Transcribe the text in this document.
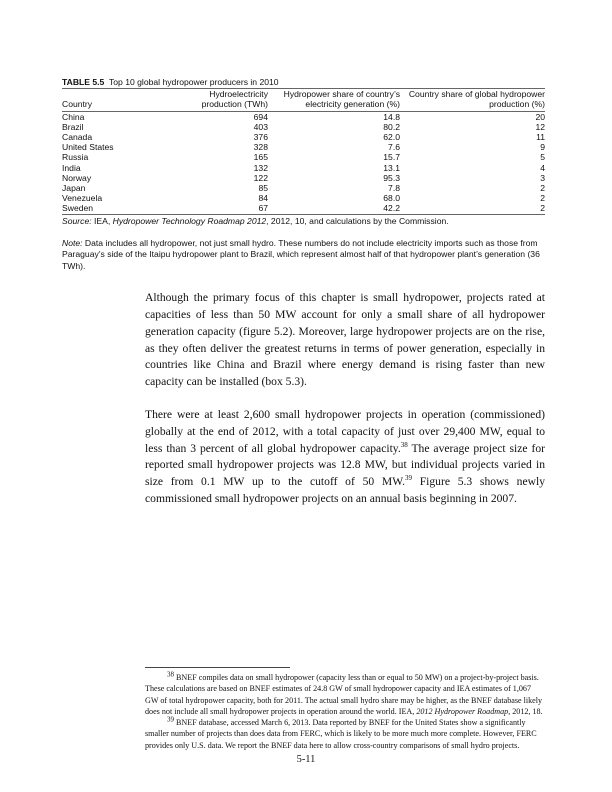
TABLE 5.5 Top 10 global hydropower producers in 2010
Country	Hydroelectricity production (TWh)	Hydropower share of country’s electricity generation (%)	Country share of global hydropower production (%)
China	694	14.8	20
Brazil	403	80.2	12
Canada	376	62.0	11
United States	328	7.6	9
Russia	165	15.7	5
India	132	13.1	4
Norway	122	95.3	3
Japan	85	7.8	2
Venezuela	84	68.0	2
Sweden	67	42.2	2
Source: IEA, Hydropower Technology Roadmap 2012, 2012, 10, and calculations by the Commission.
Note: Data includes all hydropower, not just small hydro. These numbers do not include electricity imports such as those from Paraguay’s side of the Itaipu hydropower plant to Brazil, which represent almost half of that hydropower plant’s generation (36 TWh).
Although the primary focus of this chapter is small hydropower, projects rated at capacities of less than 50 MW account for only a small share of all hydropower generation capacity (figure 5.2). Moreover, large hydropower projects are on the rise, as they often deliver the greatest returns in terms of power generation, especially in countries like China and Brazil where energy demand is rising faster than new capacity can be installed (box 5.3).
There were at least 2,600 small hydropower projects in operation (commissioned) globally at the end of 2012, with a total capacity of just over 29,400 MW, equal to less than 3 percent of all global hydropower capacity.$^{38}$ The average project size for reported small hydropower projects was 12.8 MW, but individual projects varied in size from 0.1 MW up to the cutoff of 50 MW.$^{39}$ Figure 5.3 shows newly commissioned small hydropower projects on an annual basis beginning in 2007.

$^{38}$ BNEF compiles data on small hydropower (capacity less than or equal to 50 MW) on a project-by-project basis. These calculations are based on BNEF estimates of 24.8 GW of small hydropower capacity and IEA estimates of 1,067 GW of total hydropower capacity, both for 2011. The actual small hydro share may be higher, as the BNEF database likely does not include all small hydropower projects in operation around the world. IEA, 2012 Hydropower Roadmap, 2012, 18.

$^{39}$ BNEF database, accessed March 6, 2013. Data reported by BNEF for the United States show a significantly smaller number of projects than does data from FERC, which is likely to be more much more complete. However, FERC provides only U.S. data. We report the BNEF data here to allow cross-country comparisons of small hydro projects.

5-11
